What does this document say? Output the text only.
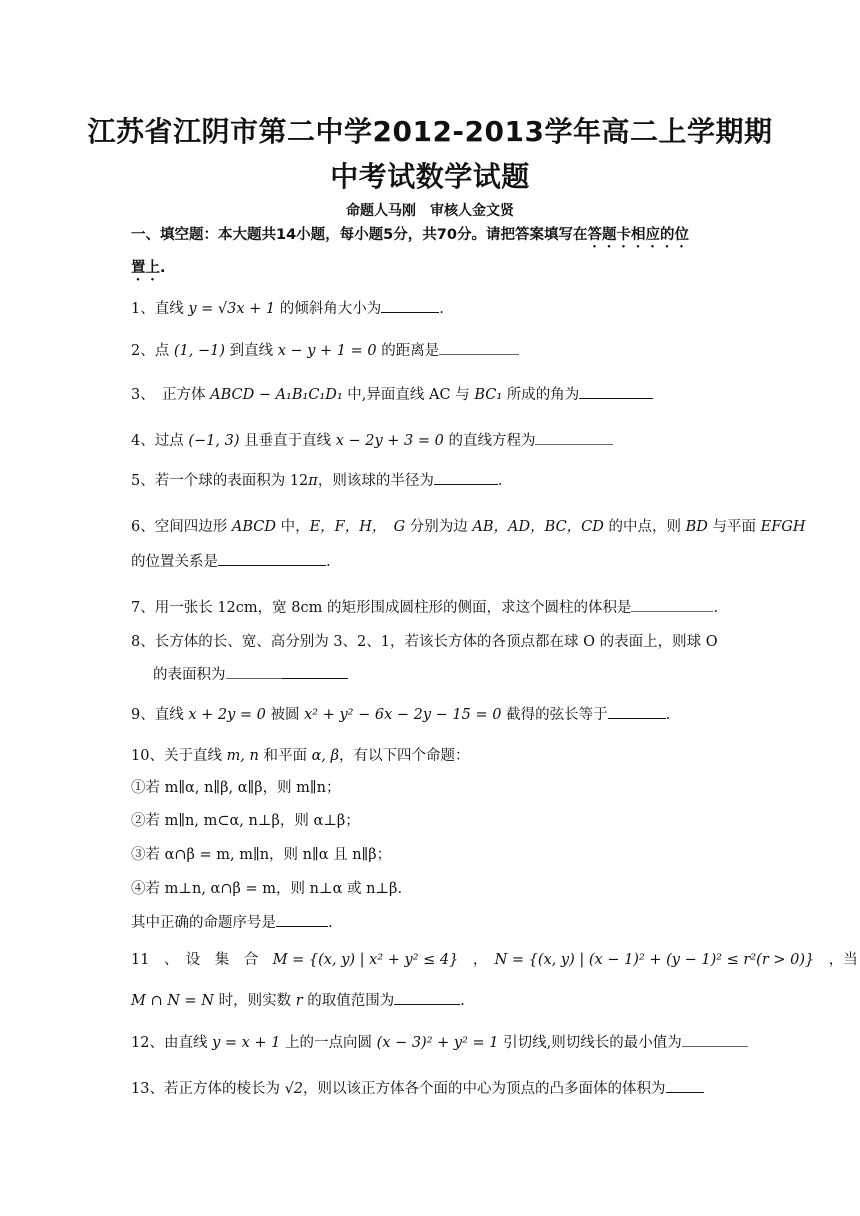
江苏省江阴市第二中学2012-2013学年高二上学期期
中考试数学试题
命题人马刚　审核人金文贤
一、填空题：本大题共14小题，每小题5分，共70分。请把答案填写在答题卡相应的位
置上.
1、直线 y = √3x + 1 的倾斜角大小为	.
2、点 (1, −1) 到直线 x − y + 1 = 0 的距离是
3、　正方体 ABCD − A₁B₁C₁D₁ 中,异面直线 AC 与 BC₁ 所成的角为
4、过点 (−1, 3) 且垂直于直线 x − 2y + 3 = 0 的直线方程为
5、若一个球的表面积为 12π，则该球的半径为	.
6、空间四边形 ABCD 中，E，F，H，　G 分别为边 AB，AD，BC，CD 的中点，则 BD 与平面 EFGH
的位置关系是	.
7、用一张长 12cm，宽 8cm 的矩形围成圆柱形的侧面，求这个圆柱的体积是	.
8、长方体的长、宽、高分别为 3、2、1，若该长方体的各顶点都在球 O 的表面上，则球 O
的表面积为
9、直线 x + 2y = 0 被圆 x² + y² − 6x − 2y − 15 = 0 截得的弦长等于	.
10、关于直线 m, n 和平面 α, β，有以下四个命题：
①若 m∥α, n∥β, α∥β，则 m∥n；
②若 m∥n, m⊂α, n⊥β，则 α⊥β；
③若 α∩β = m, m∥n，则 n∥α 且 n∥β；
④若 m⊥n, α∩β = m，则 n⊥α 或 n⊥β.
其中正确的命题序号是	.
11　、　设　集　合　M = {(x, y) | x² + y² ≤ 4}　，　N = {(x, y) | (x − 1)² + (y − 1)² ≤ r²(r > 0)}　，当
M ∩ N = N 时，则实数 r 的取值范围为	.
12、由直线 y = x + 1 上的一点向圆 (x − 3)² + y² = 1 引切线,则切线长的最小值为
13、若正方体的棱长为 √2，则以该正方体各个面的中心为顶点的凸多面体的体积为
